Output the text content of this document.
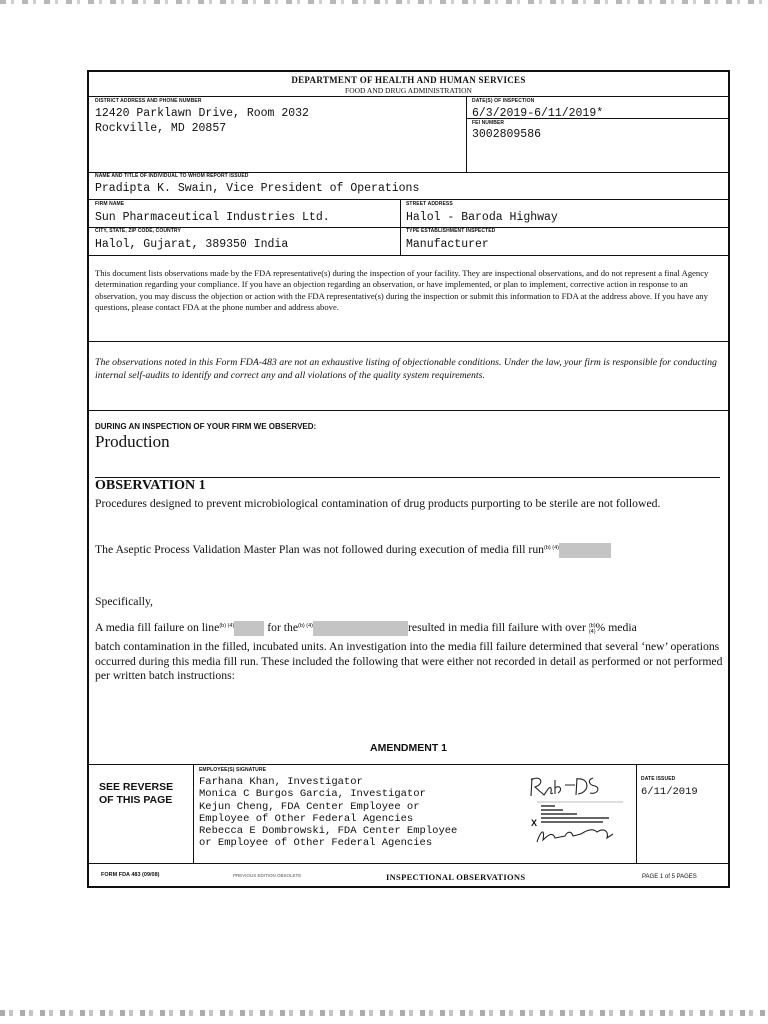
DEPARTMENT OF HEALTH AND HUMAN SERVICES
FOOD AND DRUG ADMINISTRATION
DISTRICT ADDRESS AND PHONE NUMBER
12420 Parklawn Drive, Room 2032
Rockville, MD 20857
DATE(S) OF INSPECTION
6/3/2019-6/11/2019*
FEI NUMBER
3002809586
NAME AND TITLE OF INDIVIDUAL TO WHOM REPORT ISSUED
Pradipta K. Swain, Vice President of Operations
FIRM NAME
Sun Pharmaceutical Industries Ltd.
STREET ADDRESS
Halol - Baroda Highway
CITY, STATE, ZIP CODE, COUNTRY
Halol, Gujarat, 389350 India
TYPE ESTABLISHMENT INSPECTED
Manufacturer
This document lists observations made by the FDA representative(s) during the inspection of your facility. They are inspectional observations, and do not represent a final Agency determination regarding your compliance. If you have an objection regarding an observation, or have implemented, or plan to implement, corrective action in response to an observation, you may discuss the objection or action with the FDA representative(s) during the inspection or submit this information to FDA at the address above. If you have any questions, please contact FDA at the phone number and address above.
The observations noted in this Form FDA-483 are not an exhaustive listing of objectionable conditions. Under the law, your firm is responsible for conducting internal self-audits to identify and correct any and all violations of the quality system requirements.
DURING AN INSPECTION OF YOUR FIRM WE OBSERVED:
Production
OBSERVATION 1
Procedures designed to prevent microbiological contamination of drug products purporting to be sterile are not followed.
The Aseptic Process Validation Master Plan was not followed during execution of media fill run$^{(b) (4)}$
Specifically,
A media fill failure on line$^{(b) (4)}$	for the$^{(b) (4)}$	resulted in media fill failure with over (b)
(4) % media
batch contamination in the filled, incubated units. An investigation into the media fill failure determined that several ‘new’ operations occurred during this media fill run. These included the following that were either not recorded in detail as performed or not performed per written batch instructions:
AMENDMENT 1
SEE REVERSE
OF THIS PAGE
EMPLOYEE(S) SIGNATURE
Farhana Khan, Investigator
Monica C Burgos Garcia, Investigator
Kejun Cheng, FDA Center Employee or
Employee of Other Federal Agencies
Rebecca E Dombrowski, FDA Center Employee
or Employee of Other Federal Agencies
X
DATE ISSUED
6/11/2019
FORM FDA 483 (09/08)	PREVIOUS EDITION OBSOLETE	INSPECTIONAL OBSERVATIONS	PAGE 1 of 5 PAGES
